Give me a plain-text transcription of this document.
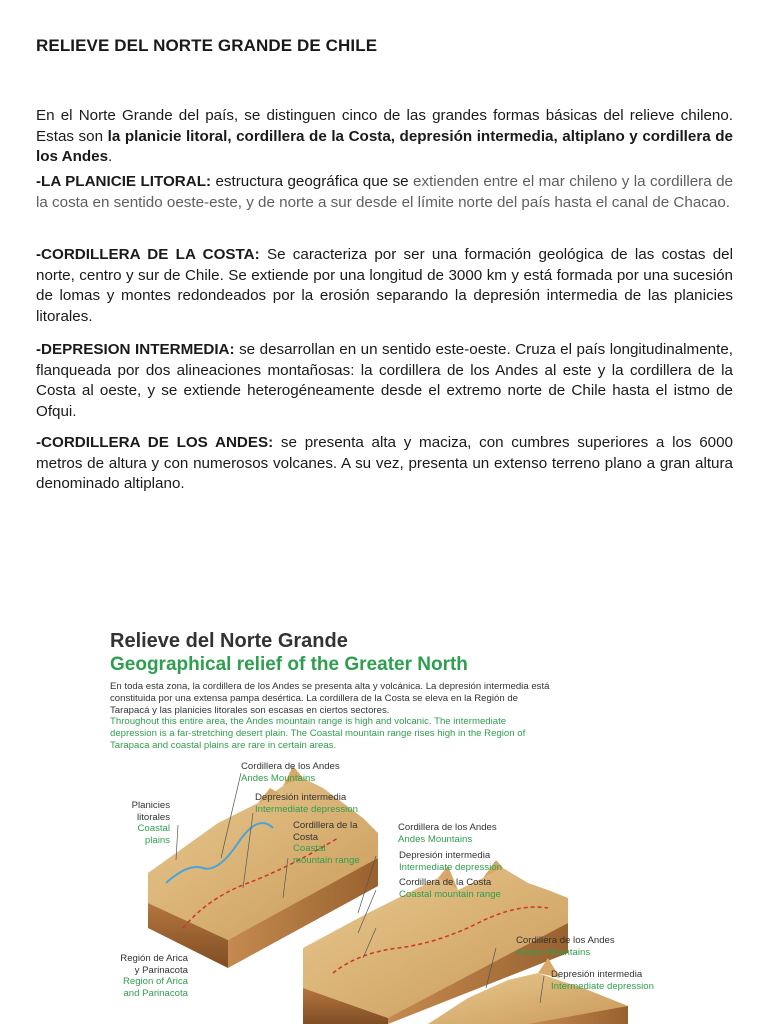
RELIEVE DEL NORTE GRANDE DE CHILE

En el Norte Grande del país, se distinguen cinco de las grandes formas básicas del relieve chileno. Estas son la planicie litoral, cordillera de la Costa, depresión intermedia, altiplano y cordillera de los Andes.

-LA PLANICIE LITORAL: estructura geográfica que se extienden entre el mar chileno y la cordillera de la costa en sentido oeste-este, y de norte a sur desde el límite norte del país hasta el canal de Chacao.

-CORDILLERA DE LA COSTA: Se caracteriza por ser una formación geológica de las costas del norte, centro y sur de Chile. Se extiende por una longitud de 3000 km y está formada por una sucesión de lomas y montes redondeados por la erosión separando la depresión intermedia de las planicies litorales.

-DEPRESION INTERMEDIA: se desarrollan en un sentido este-oeste. Cruza el país longitudinalmente, flanqueada por dos alineaciones montañosas: la cordillera de los Andes al este y la cordillera de la Costa al oeste, y se extiende heterogéneamente desde el extremo norte de Chile hasta el istmo de Ofqui.

-CORDILLERA DE LOS ANDES: se presenta alta y maciza, con cumbres superiores a los 6000 metros de altura y con numerosos volcanes. A su vez, presenta un extenso terreno plano a gran altura denominado altiplano.

Relieve del Norte Grande
Geographical relief of the Greater North

En toda esta zona, la cordillera de los Andes se presenta alta y volcánica. La depresión intermedia está constituida por una extensa pampa desértica. La cordillera de la Costa se eleva en la Región de Tarapacá y las planicies litorales son escasas en ciertos sectores.

Throughout this entire area, the Andes mountain range is high and volcanic. The intermediate depression is a far-stretching desert plain. The Coastal mountain range rises high in the Region of Tarapaca and coastal plains are rare in certain areas.

Cordillera de los Andes
Andes Mountains
Depresión intermedia
Intermediate depression
Planicies
litorales
Coastal
plains
Cordillera de la
Costa
Coastal
mountain range
Cordillera de los Andes
Andes Mountains
Depresión intermedia
Intermediate depression
Cordillera de la Costa
Coastal mountain range
Cordillera de los Andes
Andes Mountains
Depresión intermedia
Intermediate depression
Región de Arica
y Parinacota
Region of Arica
and Parinacota
